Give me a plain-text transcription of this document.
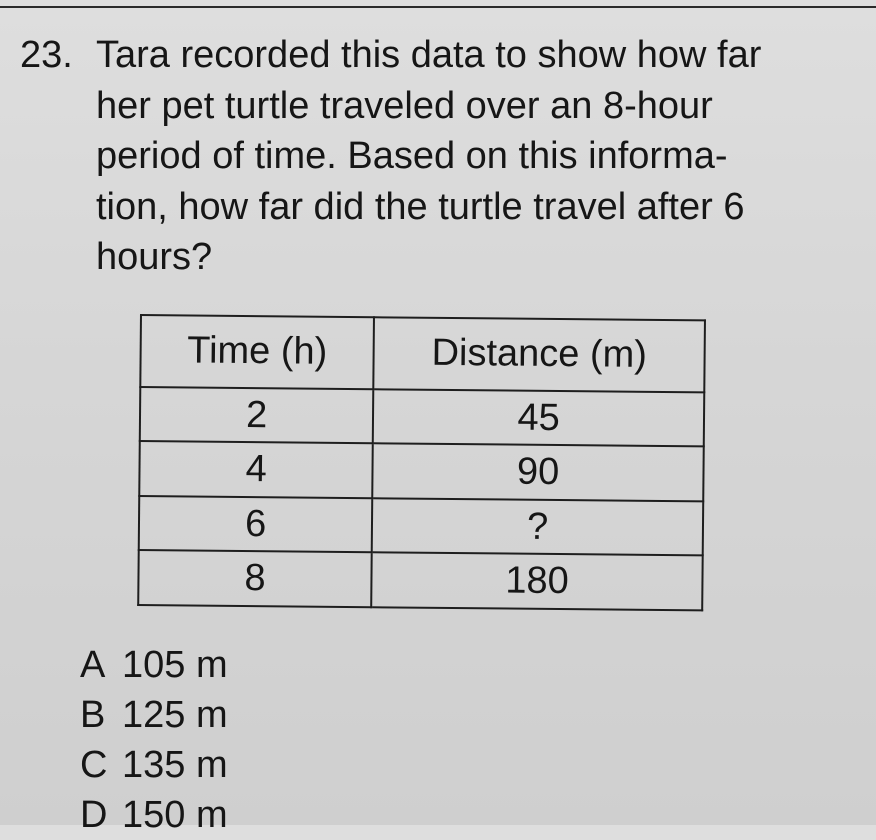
23. Tara recorded this data to show how far
her pet turtle traveled over an 8-hour
period of time. Based on this informa-
tion, how far did the turtle travel after 6
hours?
Time (h)	Distance (m)
2	45
4	90
6	?
8	180
A 105 m
B 125 m
C 135 m
D 150 m
